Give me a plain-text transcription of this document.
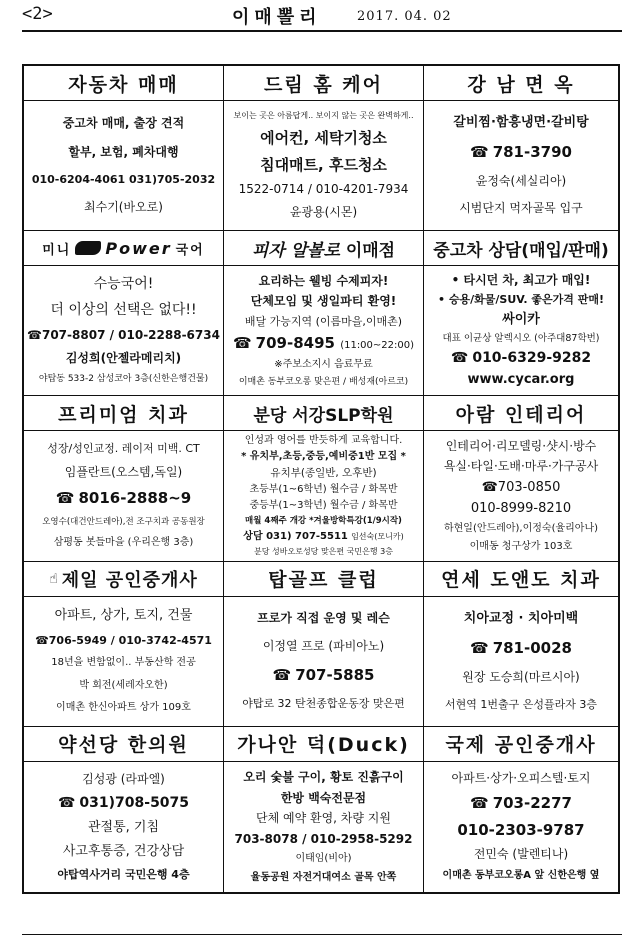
<2>	이매뽈리	2017. 04. 02
자동차 매매
중고차 매매, 출장 견적
할부, 보험, 폐차대행
010-6204-4061 031)705-2032
최수기(바오로)
드림 홈 케어
보이는 곳은 아름답게.. 보이지 않는 곳은 완벽하게..
에어컨, 세탁기청소
침대매트, 후드청소
1522-0714 / 010-4201-7934
윤광용(시몬)
강 남 면 옥
갈비찜·함흥냉면·갈비탕
☎ 781-3790
윤정숙(세실리아)
시범단지 먹자골목 입구
미니 Power 국어
수능국어!
더 이상의 선택은 없다!!
☎707-8807 / 010-2288-6734
김성희(안젤라메리치)
야탑동 533-2 삼성코아 3층(신한은행건물)
피자 알볼로
이매점
요리하는 웰빙 수제피자!
단체모임 및 생일파티 환영!
배달 가능지역 (이름마을,이매촌)
☎ 709-8495 (11:00~22:00)
※주보소지시 음료무료
이매촌 동부코오롱 맞은편 / 배성재(아르코)
중고차 상담(매입/판매)
• 타시던 차, 최고가 매입!
• 승용/화물/SUV. 좋은가격 판매!
싸이카
대표 이균상 알렉시오 (아주대87학번)
☎ 010-6329-9282
www.cycar.org
프리미엄 치과
성장/성인교정. 레이저 미백. CT
임플란트(오스템,독일)
☎ 8016-2888~9
오영수(대건안드레아),전 조구치과 공동원장
삼평동 봇들마을 (우리은행 3층)
분당 서강SLP학원
인성과 영어를 반듯하게 교육합니다.
* 유치부,초등,중등,예비중1반 모집 *
유치부(종일반, 오후반)
초등부(1~6학년) 월수금 / 화목반
중등부(1~3학년) 월수금 / 화목반
매월 4째주 개강 *겨울방학특강(1/9시작)
상담 031) 707-5511 임선숙(모니카)
분당 성바오로성당 맞은편 국민은행 3층
아람 인테리어
인테리어·리모델링·샷시·방수
욕실·타일·도배·마루·가구공사
☎703-0850
010-8999-8210
하현일(안드레아),이정숙(율리아나)
이매동 청구상가 103호
☝ 제일 공인중개사
아파트, 상가, 토지, 건물
☎706-5949 / 010-3742-4571
18년을 변함없이.. 부동산학 전공
박 회전(세레자오한)
이매촌 한신아파트 상가 109호
탑골프 클럽
프로가 직접 운영 및 레슨
이정열 프로 (파비아노)
☎ 707-5885
야탑로 32 탄천종합운동장 맞은편
연세 도앤도 치과
치아교정 · 치아미백
☎ 781-0028
원장 도승희(마르시아)
서현역 1번출구 은성플라자 3층
약선당 한의원
김성광 (라파엘)
☎ 031)708-5075
관절통, 기침
사고후통증, 건강상담
야탑역사거리 국민은행 4층
가나안 덕(Duck)
오리 숯불 구이, 황토 진흙구이
한방 백숙전문점
단체 예약 환영, 차량 지원
703-8078 / 010-2958-5292
이태임(비아)
율동공원 자전거대여소 골목 안쪽
국제 공인중개사
아파트·상가·오피스텔·토지
☎ 703-2277
010-2303-9787
전민숙 (발렌티나)
이매촌 동부코오롱A 앞 신한은행 옆
